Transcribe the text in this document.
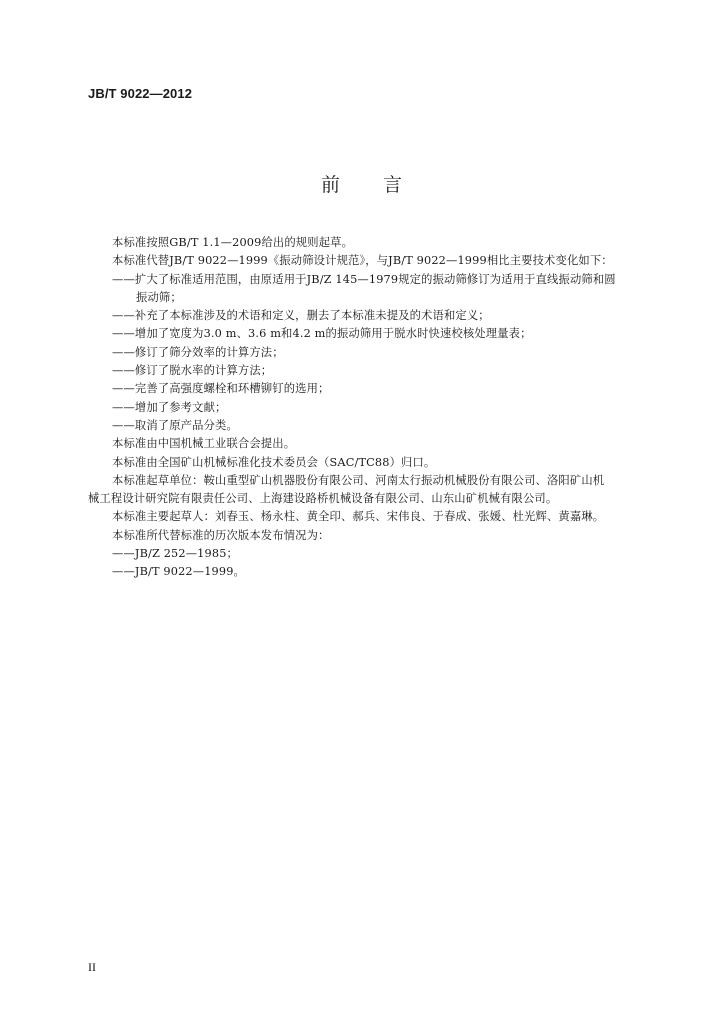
JB/T 9022—2012
前 言
本标准按照GB/T 1.1—2009给出的规则起草。
本标准代替JB/T 9022—1999《振动筛设计规范》，与JB/T 9022—1999相比主要技术变化如下：
——扩大了标准适用范围，由原适用于JB/Z 145—1979规定的振动筛修订为适用于直线振动筛和圆
振动筛；
——补充了本标准涉及的术语和定义，删去了本标准未提及的术语和定义；
——增加了宽度为3.0 m、3.6 m和4.2 m的振动筛用于脱水时快速校核处理量表；
——修订了筛分效率的计算方法；
——修订了脱水率的计算方法；
——完善了高强度螺栓和环槽铆钉的选用；
——增加了参考文献；
——取消了原产品分类。
本标准由中国机械工业联合会提出。
本标准由全国矿山机械标准化技术委员会（SAC/TC88）归口。
本标准起草单位：鞍山重型矿山机器股份有限公司、河南太行振动机械股份有限公司、洛阳矿山机
械工程设计研究院有限责任公司、上海建设路桥机械设备有限公司、山东山矿机械有限公司。
本标准主要起草人：刘春玉、杨永柱、黄全印、郝兵、宋伟良、于春成、张媛、杜光辉、黄嘉琳。
本标准所代替标准的历次版本发布情况为：
——JB/Z 252—1985；
——JB/T 9022—1999。
II
